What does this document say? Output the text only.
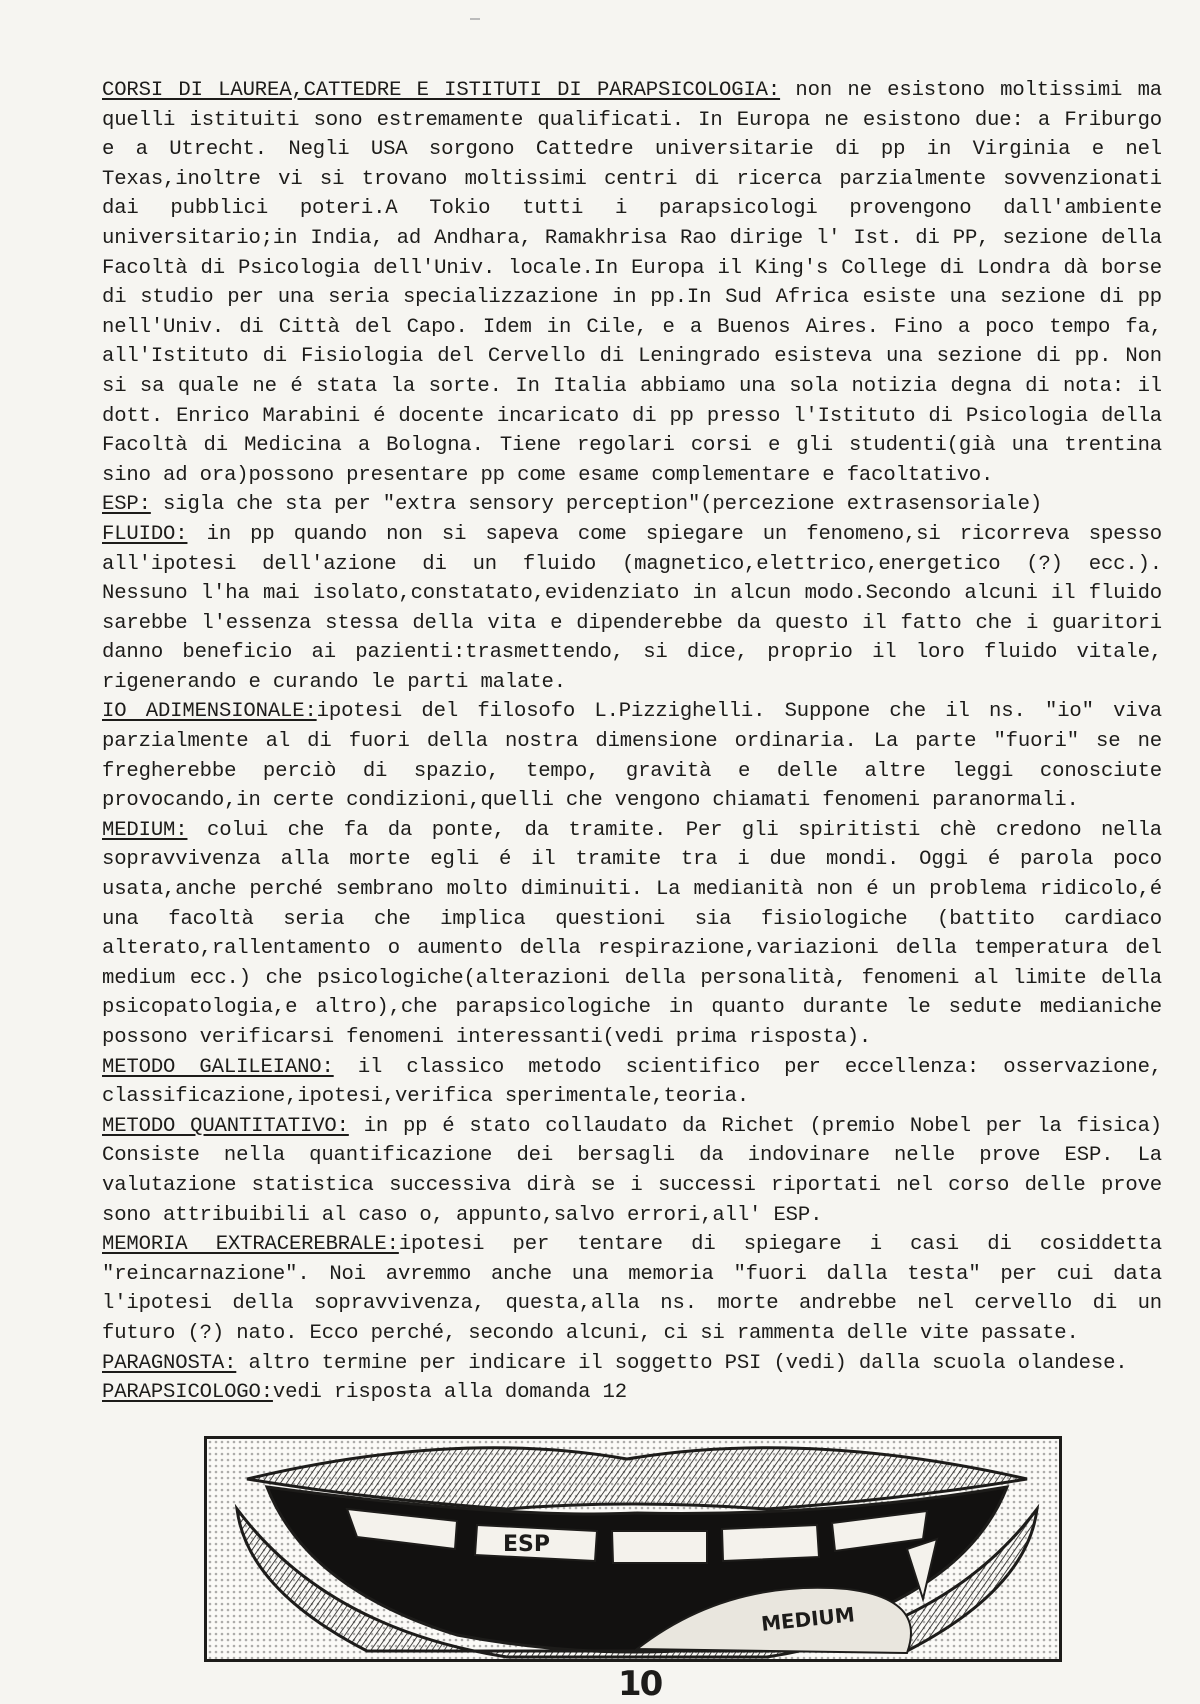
CORSI DI LAUREA,CATTEDRE E ISTITUTI DI PARAPSICOLOGIA: non ne esistono moltissimi ma quelli istituiti sono estremamente qualificati. In Europa ne esistono due: a Friburgo e a Utrecht. Negli USA sorgono Cattedre universitarie di pp in Virginia e nel Texas,inoltre vi si trovano moltissimi centri di ricerca parzialmente sovvenzionati dai pubblici poteri.A Tokio tutti i parapsicologi provengono dall'ambiente universitario;in India, ad Andhara, Ramakhrisa Rao dirige l' Ist. di PP, sezione della Facoltà di Psicologia dell'Univ. locale.In Europa il King's College di Londra dà borse di studio per una seria specializzazione in pp.In Sud Africa esiste una sezione di pp nell'Univ. di Città del Capo. Idem in Cile, e a Buenos Aires. Fino a poco tempo fa, all'Istituto di Fisiologia del Cervello di Leningrado esisteva una sezione di pp. Non si sa quale ne é stata la sorte. In Italia abbiamo una sola notizia degna di nota: il dott. Enrico Marabini é docente incaricato di pp presso l'Istituto di Psicologia della Facoltà di Medicina a Bologna. Tiene regolari corsi e gli studenti(già una trentina sino ad ora)possono presentare pp come esame complementare e facoltativo.

ESP: sigla che sta per "extra sensory perception"(percezione extrasensoriale)

FLUIDO: in pp quando non si sapeva come spiegare un fenomeno,si ricorreva spesso all'ipotesi dell'azione di un fluido (magnetico,elettrico,energetico (?) ecc.). Nessuno l'ha mai isolato,constatato,evidenziato in alcun modo.Secondo alcuni il fluido sarebbe l'essenza stessa della vita e dipenderebbe da questo il fatto che i guaritori danno beneficio ai pazienti:trasmettendo, si dice, proprio il loro fluido vitale, rigenerando e curando le parti malate.

IO ADIMENSIONALE:ipotesi del filosofo L.Pizzighelli. Suppone che il ns. "io" viva parzialmente al di fuori della nostra dimensione ordinaria. La parte "fuori" se ne fregherebbe perciò di spazio, tempo, gravità e delle altre leggi conosciute provocando,in certe condizioni,quelli che vengono chiamati fenomeni paranormali.

MEDIUM: colui che fa da ponte, da tramite. Per gli spiritisti chè credono nella sopravvivenza alla morte egli é il tramite tra i due mondi. Oggi é parola poco usata,anche perché sembrano molto diminuiti. La medianità non é un problema ridicolo,é una facoltà seria che implica questioni sia fisiologiche (battito cardiaco alterato,rallentamento o aumento della respirazione,variazioni della temperatura del medium ecc.) che psicologiche(alterazioni della personalità, fenomeni al limite della psicopatologia,e altro),che parapsicologiche in quanto durante le sedute medianiche possono verificarsi fenomeni interessanti(vedi prima risposta).

METODO GALILEIANO: il classico metodo scientifico per eccellenza: osservazione, classificazione,ipotesi,verifica sperimentale,teoria.

METODO QUANTITATIVO: in pp é stato collaudato da Richet (premio Nobel per la fisica) Consiste nella quantificazione dei bersagli da indovinare nelle prove ESP. La valutazione statistica successiva dirà se i successi riportati nel corso delle prove sono attribuibili al caso o, appunto,salvo errori,all' ESP.

MEMORIA EXTRACEREBRALE:ipotesi per tentare di spiegare i casi di cosiddetta "reincarnazione". Noi avremmo anche una memoria "fuori dalla testa" per cui data l'ipotesi della sopravvivenza, questa,alla ns. morte andrebbe nel cervello di un futuro (?) nato. Ecco perché, secondo alcuni, ci si rammenta delle vite passate.

PARAGNOSTA: altro termine per indicare il soggetto PSI (vedi) dalla scuola olandese.

PARAPSICOLOGO:vedi risposta alla domanda 12

ESP
MEDIUM
10
